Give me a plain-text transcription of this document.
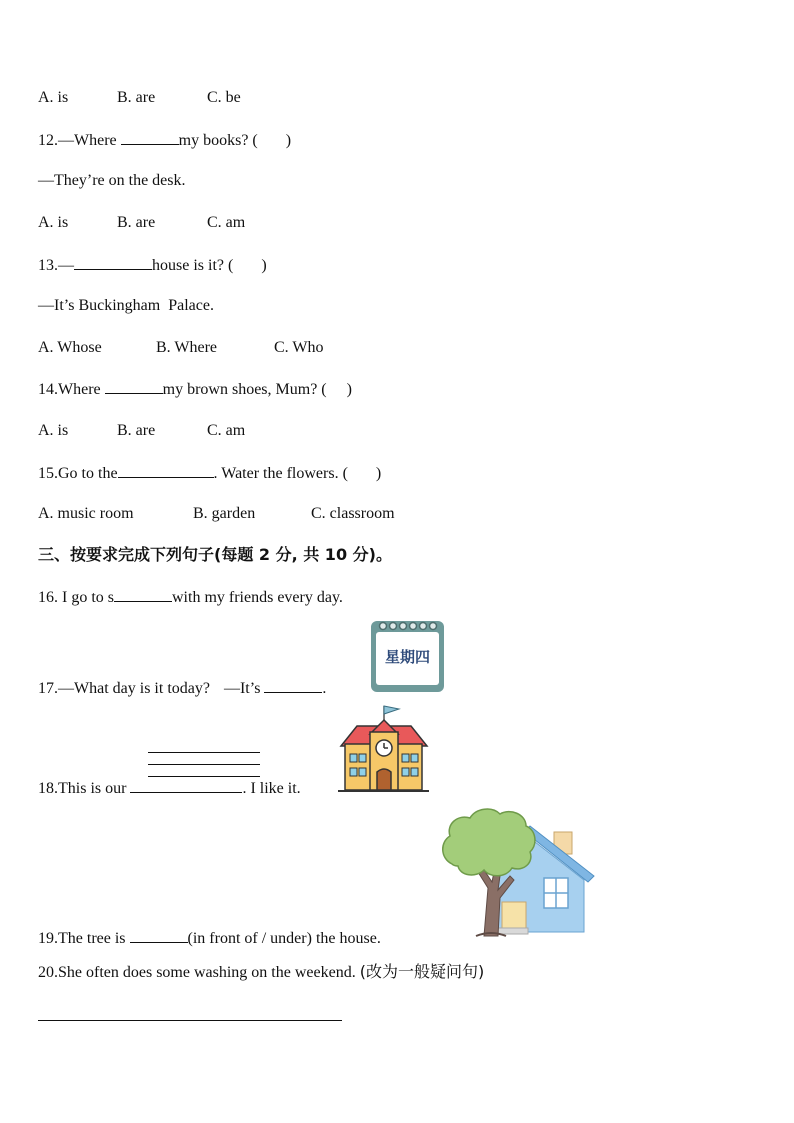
A. is	B. are	C. be
12.—Where	my books? ( )
—They’re on the desk.
A. is	B. are	C. am
13.—	house is it? ( )
—It’s Buckingham  Palace.
A. Whose	B. Where	C. Who
14.Where	my brown shoes, Mum? ( )
A. is	B. are	C. am
15.Go to the	. Water the flowers. ( )
A. music room	B. garden	C. classroom
三、按要求完成下列句子(每题 2 分, 共 10 分)。
16. I go to s	with my friends every day.
星期四
17.—What day is it today? —It’s	.
18.This is our	. I like it.
19.The tree is	(in front of / under) the house.
20.She often does some washing on the weekend. (改为一般疑问句)
